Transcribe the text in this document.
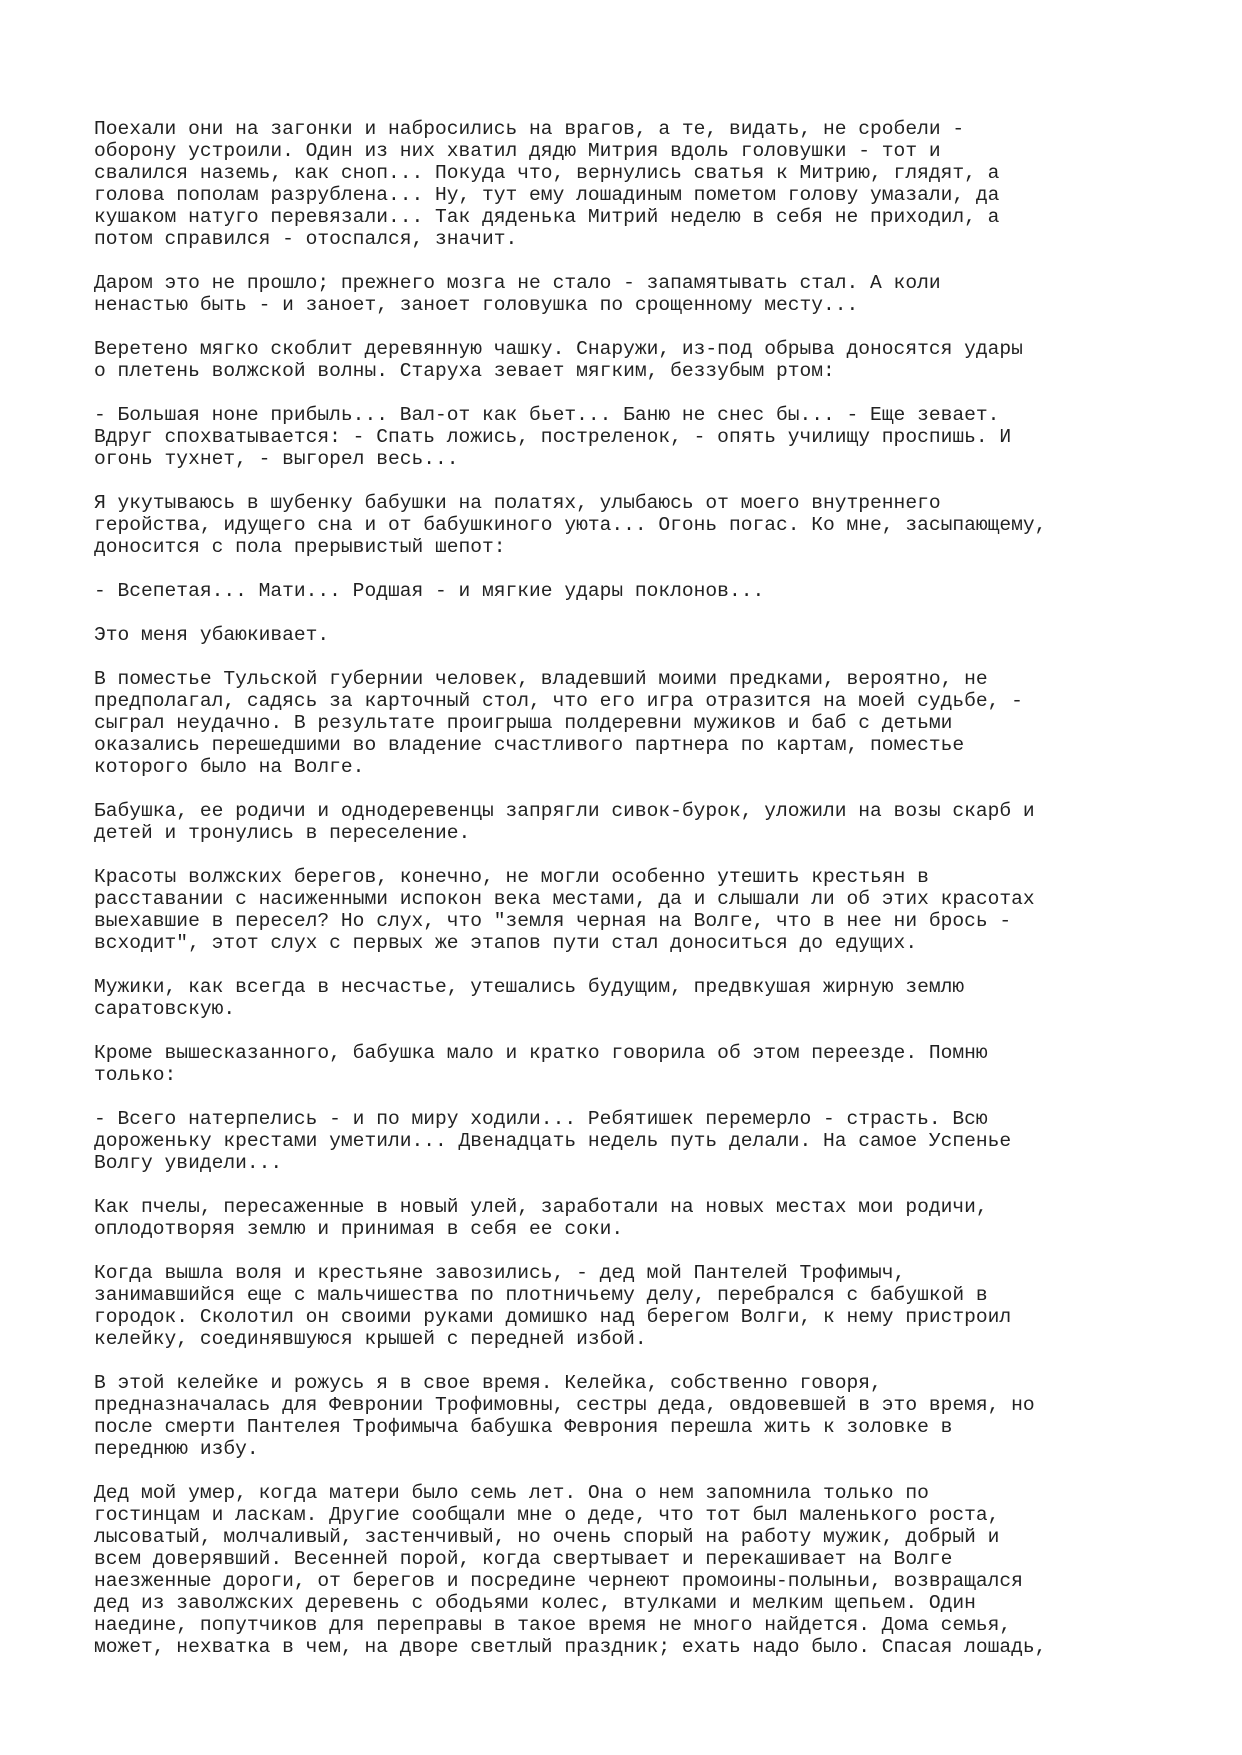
Поехали они на загонки и набросились на врагов, а те, видать, не сробели -
оборону устроили. Один из них хватил дядю Митрия вдоль головушки - тот и
свалился наземь, как сноп... Покуда что, вернулись сватья к Митрию, глядят, а
голова пополам разрублена... Ну, тут ему лошадиным пометом голову умазали, да
кушаком натуго перевязали... Так дяденька Митрий неделю в себя не приходил, а
потом справился - отоспался, значит.

Даром это не прошло; прежнего мозга не стало - запамятывать стал. А коли
ненастью быть - и заноет, заноет головушка по срощенному месту...

Веретено мягко скоблит деревянную чашку. Снаружи, из-под обрыва доносятся удары
о плетень волжской волны. Старуха зевает мягким, беззубым ртом:

- Большая ноне прибыль... Вал-от как бьет... Баню не снес бы... - Еще зевает.
Вдруг спохватывается: - Спать ложись, постреленок, - опять училищу проспишь. И
огонь тухнет, - выгорел весь...

Я укутываюсь в шубенку бабушки на полатях, улыбаюсь от моего внутреннего
геройства, идущего сна и от бабушкиного уюта... Огонь погас. Ко мне, засыпающему,
доносится с пола прерывистый шепот:

- Всепетая... Мати... Родшая - и мягкие удары поклонов...

Это меня убаюкивает.

В поместье Тульской губернии человек, владевший моими предками, вероятно, не
предполагал, садясь за карточный стол, что его игра отразится на моей судьбе, -
сыграл неудачно. В результате проигрыша полдеревни мужиков и баб с детьми
оказались перешедшими во владение счастливого партнера по картам, поместье
которого было на Волге.

Бабушка, ее родичи и однодеревенцы запрягли сивок-бурок, уложили на возы скарб и
детей и тронулись в переселение.

Красоты волжских берегов, конечно, не могли особенно утешить крестьян в
расставании с насиженными испокон века местами, да и слышали ли об этих красотах
выехавшие в пересел? Но слух, что "земля черная на Волге, что в нее ни брось -
всходит", этот слух с первых же этапов пути стал доноситься до едущих.

Мужики, как всегда в несчастье, утешались будущим, предвкушая жирную землю
саратовскую.

Кроме вышесказанного, бабушка мало и кратко говорила об этом переезде. Помню
только:

- Всего натерпелись - и по миру ходили... Ребятишек перемерло - страсть. Всю
дороженьку крестами уметили... Двенадцать недель путь делали. На самое Успенье
Волгу увидели...

Как пчелы, пересаженные в новый улей, заработали на новых местах мои родичи,
оплодотворяя землю и принимая в себя ее соки.

Когда вышла воля и крестьяне завозились, - дед мой Пантелей Трофимыч,
занимавшийся еще с мальчишества по плотничьему делу, перебрался с бабушкой в
городок. Сколотил он своими руками домишко над берегом Волги, к нему пристроил
келейку, соединявшуюся крышей с передней избой.

В этой келейке и рожусь я в свое время. Келейка, собственно говоря,
предназначалась для Февронии Трофимовны, сестры деда, овдовевшей в это время, но
после смерти Пантелея Трофимыча бабушка Феврония перешла жить к золовке в
переднюю избу.

Дед мой умер, когда матери было семь лет. Она о нем запомнила только по
гостинцам и ласкам. Другие сообщали мне о деде, что тот был маленького роста,
лысоватый, молчаливый, застенчивый, но очень спорый на работу мужик, добрый и
всем доверявший. Весенней порой, когда свертывает и перекашивает на Волге
наезженные дороги, от берегов и посредине чернеют промоины-полыньи, возвращался
дед из заволжских деревень с ободьями колес, втулками и мелким щепьем. Один
наедине, попутчиков для переправы в такое время не много найдется. Дома семья,
может, нехватка в чем, на дворе светлый праздник; ехать надо было. Спасая лошадь,
